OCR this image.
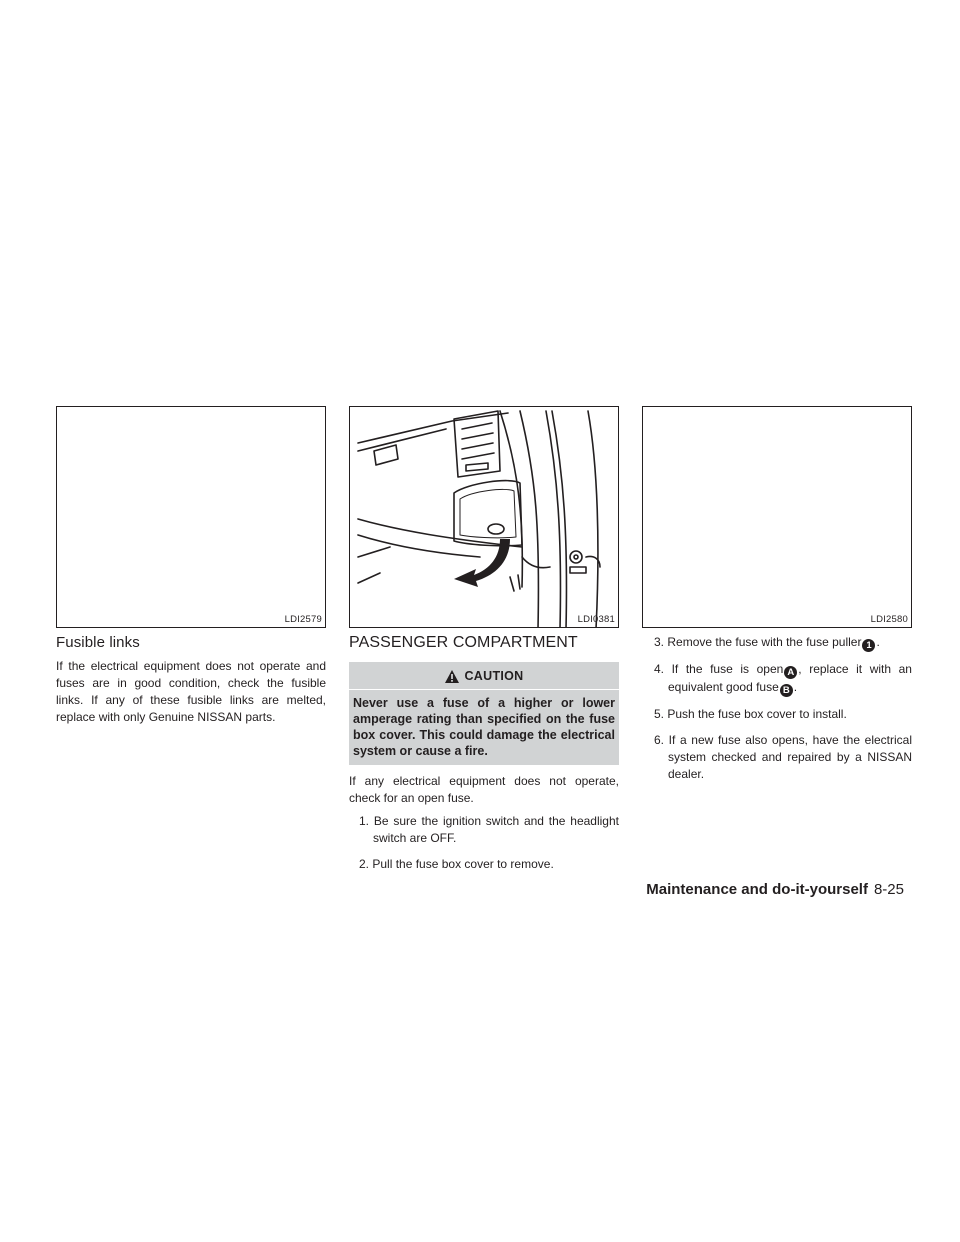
LDI2579	LDI0381	LDI2580
Fusible links

If the electrical equipment does not operate and fuses are in good condition, check the fusible links. If any of these fusible links are melted, replace with only Genuine NISSAN parts.

PASSENGER COMPARTMENT
CAUTION
Never use a fuse of a higher or lower amperage rating than specified on the fuse box cover. This could damage the electrical system or cause a fire.

If any electrical equipment does not operate, check for an open fuse.

1. Be sure the ignition switch and the headlight switch are OFF.
2. Pull the fuse box cover to remove.
3. Remove the fuse with the fuse puller 1 .
4. If the fuse is open A , replace it with an equivalent good fuse B .
5. Push the fuse box cover to install.
6. If a new fuse also opens, have the electrical system checked and repaired by a NISSAN dealer.
Maintenance and do-it-yourself 8-25
